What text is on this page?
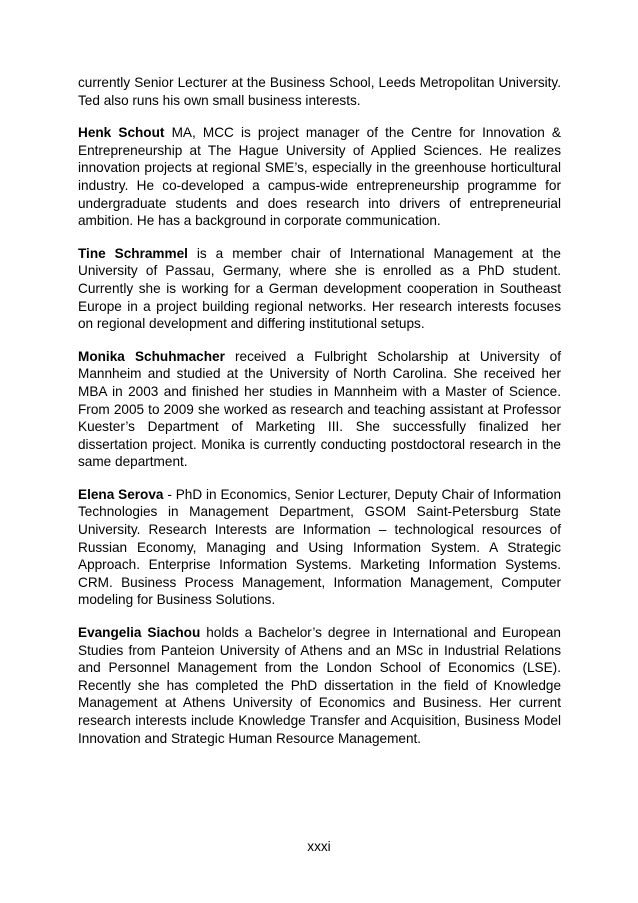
currently Senior Lecturer at the Business School, Leeds Metropolitan University. Ted also runs his own small business interests.

Henk Schout MA, MCC is project manager of the Centre for Innovation & Entrepreneurship at The Hague University of Applied Sciences. He realizes innovation projects at regional SME’s, especially in the greenhouse horticultural industry. He co-developed a campus-wide entrepreneurship programme for undergraduate students and does research into drivers of entrepreneurial ambition. He has a background in corporate communication.

Tine Schrammel is a member chair of International Management at the University of Passau, Germany, where she is enrolled as a PhD student. Currently she is working for a German development cooperation in Southeast Europe in a project building regional networks. Her research interests focuses on regional development and differing institutional setups.

Monika Schuhmacher received a Fulbright Scholarship at University of Mannheim and studied at the University of North Carolina. She received her MBA in 2003 and finished her studies in Mannheim with a Master of Science. From 2005 to 2009 she worked as research and teaching assistant at Professor Kuester’s Department of Marketing III. She successfully finalized her dissertation project. Monika is currently conducting postdoctoral research in the same department.

Elena Serova - PhD in Economics, Senior Lecturer, Deputy Chair of Information Technologies in Management Department, GSOM Saint-Petersburg State University. Research Interests are Information – technological resources of Russian Economy, Managing and Using Information System. A Strategic Approach. Enterprise Information Systems. Marketing Information Systems. CRM. Business Process Management, Information Management, Computer modeling for Business Solutions.

Evangelia Siachou holds a Bachelor’s degree in International and European Studies from Panteion University of Athens and an MSc in Industrial Relations and Personnel Management from the London School of Economics (LSE). Recently she has completed the PhD dissertation in the field of Knowledge Management at Athens University of Economics and Business. Her current research interests include Knowledge Transfer and Acquisition, Business Model Innovation and Strategic Human Resource Management.

xxxi
